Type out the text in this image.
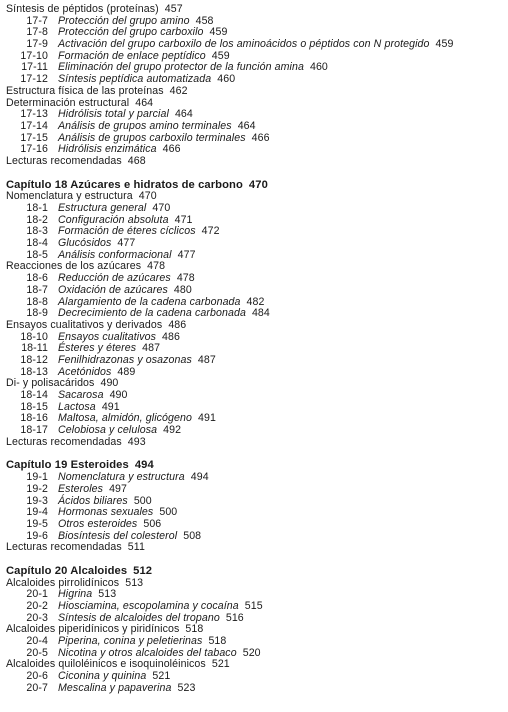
Síntesis de péptidos (proteínas) 457
17-7 Protección del grupo amino 458
17-8 Protección del grupo carboxilo 459
17-9 Activación del grupo carboxilo de los aminoácidos o péptidos con N protegido 459
17-10 Formación de enlace peptídico 459
17-11 Eliminación del grupo protector de la función amina 460
17-12 Síntesis peptídica automatizada 460
Estructura física de las proteínas 462
Determinación estructural 464
17-13 Hidrólisis total y parcial 464
17-14 Análisis de grupos amino terminales 464
17-15 Análisis de grupos carboxilo terminales 466
17-16 Hidrólisis enzimática 466
Lecturas recomendadas 468
Capítulo 18 Azúcares e hidratos de carbono 470
Nomenclatura y estructura 470
18-1 Estructura general 470
18-2 Configuración absoluta 471
18-3 Formación de éteres cíclicos 472
18-4 Glucósidos 477
18-5 Análisis conformacional 477
Reacciones de los azúcares 478
18-6 Reducción de azúcares 478
18-7 Oxidación de azúcares 480
18-8 Alargamiento de la cadena carbonada 482
18-9 Decrecimiento de la cadena carbonada 484
Ensayos cualitativos y derivados 486
18-10 Ensayos cualitativos 486
18-11 Ésteres y éteres 487
18-12 Fenilhidrazonas y osazonas 487
18-13 Acetónidos 489
Di- y polisacáridos 490
18-14 Sacarosa 490
18-15 Lactosa 491
18-16 Maltosa, almidón, glicógeno 491
18-17 Celobiosa y celulosa 492
Lecturas recomendadas 493
Capítulo 19 Esteroides 494
19-1 Nomenclatura y estructura 494
19-2 Esteroles 497
19-3 Ácidos biliares 500
19-4 Hormonas sexuales 500
19-5 Otros esteroides 506
19-6 Biosíntesis del colesterol 508
Lecturas recomendadas 511
Capítulo 20 Alcaloides 512
Alcaloides pirrolidínicos 513
20-1 Higrina 513
20-2 Hiosciamina, escopolamina y cocaína 515
20-3 Síntesis de alcaloides del tropano 516
Alcaloides piperidínicos y piridínicos 518
20-4 Piperina, conina y peletierinas 518
20-5 Nicotina y otros alcaloides del tabaco 520
Alcaloides quiloléinicos e isoquinoléinicos 521
20-6 Ciconina y quinina 521
20-7 Mescalina y papaverina 523
